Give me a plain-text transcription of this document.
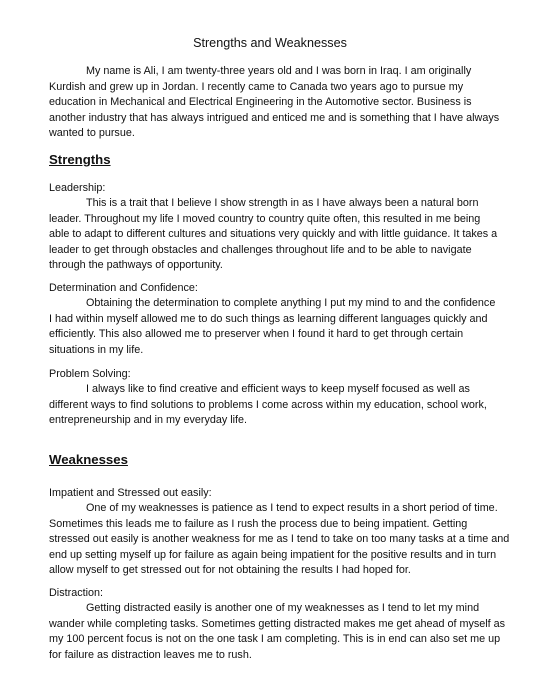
Strengths and Weaknesses
My name is Ali, I am twenty-three years old and I was born in Iraq. I am originally
Kurdish and grew up in Jordan. I recently came to Canada two years ago to pursue my
education in Mechanical and Electrical Engineering in the Automotive sector. Business is
another industry that has always intrigued and enticed me and is something that I have always
wanted to pursue.
Strengths
Leadership:
This is a trait that I believe I show strength in as I have always been a natural born
leader. Throughout my life I moved country to country quite often, this resulted in me being
able to adapt to different cultures and situations very quickly and with little guidance. It takes a
leader to get through obstacles and challenges throughout life and to be able to navigate
through the pathways of opportunity.
Determination and Confidence:
Obtaining the determination to complete anything I put my mind to and the confidence
I had within myself allowed me to do such things as learning different languages quickly and
efficiently. This also allowed me to preserver when I found it hard to get through certain
situations in my life.
Problem Solving:
I always like to find creative and efficient ways to keep myself focused as well as
different ways to find solutions to problems I come across within my education, school work,
entrepreneurship and in my everyday life.
Weaknesses
Impatient and Stressed out easily:
One of my weaknesses is patience as I tend to expect results in a short period of time.
Sometimes this leads me to failure as I rush the process due to being impatient. Getting
stressed out easily is another weakness for me as I tend to take on too many tasks at a time and
end up setting myself up for failure as again being impatient for the positive results and in turn
allow myself to get stressed out for not obtaining the results I had hoped for.
Distraction:
Getting distracted easily is another one of my weaknesses as I tend to let my mind
wander while completing tasks. Sometimes getting distracted makes me get ahead of myself as
my 100 percent focus is not on the one task I am completing. This is in end can also set me up
for failure as distraction leaves me to rush.
